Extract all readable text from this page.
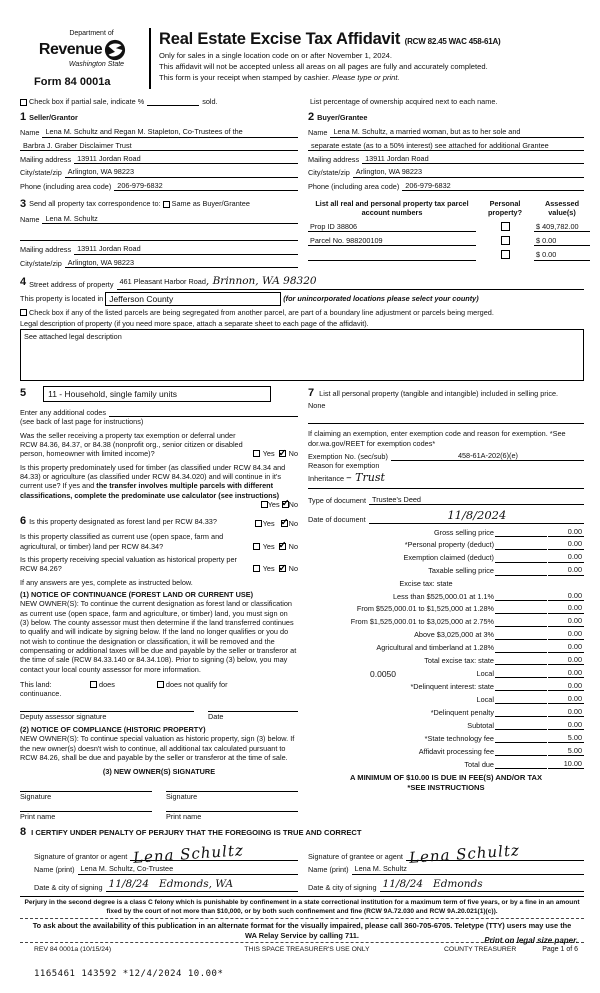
Department of
Revenue
Washington State
Form 84 0001a
Real Estate Excise Tax Affidavit (RCW 82.45 WAC 458-61A)
Only for sales in a single location code on or after November 1, 2024.
This affidavit will not be accepted unless all areas on all pages are fully and accurately completed.
This form is your receipt when stamped by cashier. Please type or print.

Check box if partial sale, indicate %	sold.	List percentage of ownership acquired next to each name.
1 Seller/Grantor
Name Lena M. Schultz and Regan M. Stapleton, Co-Trustees of the
Barbra J. Graber Disclaimer Trust
Mailing address 13911 Jordan Road
City/state/zip Arlington, WA 98223
Phone (including area code) 206-979-6832
2 Buyer/Grantee
Name Lena M. Schultz, a married woman, but as to her sole and
separate estate (as to a 50% interest) see attached for additional Grantee
Mailing address 13911 Jordan Road
City/state/zip Arlington, WA 98223
Phone (including area code) 206-979-6832
3 Send all property tax correspondence to:

Same as Buyer/Grantee
Name Lena M. Schultz
Mailing address 13911 Jordan Road
City/state/zip Arlington, WA 98223
List all real and personal property tax parcel account numbers
Personal property?
Assessed value(s)
Prop ID 38806	$ 409,782.00
Parcel No. 988200109	$ 0.00
$ 0.00
4 Street address of property 461 Pleasant Harbor Road, Brinnon, WA 98320
This property is located in
Jefferson County
	(for unincorporated locations please select your county)
Check box if any of the listed parcels are being segregated from another parcel, are part of a boundary line adjustment or parcels being merged.
Legal description of property (if you need more space, attach a separate sheet to each page of the affidavit).
See attached legal description
5	11 - Household, single family units
Enter any additional codes
(see back of last page for instructions)
Was the seller receiving a property tax exemption or deferral under RCW 84.36, 84.37, or 84.38 (nonprofit org., senior citizen or disabled person, homeowner with limited income)?	Yes ✓ No
Is this property predominately used for timber (as classified under RCW 84.34 and 84.33) or agriculture (as classified under RCW 84.34.020) and will continue in it's current use? If yes and the transfer involves multiple parcels with different classifications, complete the predominate use calculator (see instructions)
Yes ✓ No
6 Is this property designated as forest land per RCW 84.33?	Yes ✓ No
Is this property classified as current use (open space, farm and agricultural, or timber) land per RCW 84.34?	Yes ✓ No
Is this property receiving special valuation as historical property per RCW 84.26?	Yes ✓ No
If any answers are yes, complete as instructed below.
(1) NOTICE OF CONTINUANCE (FOREST LAND OR CURRENT USE)
NEW OWNER(S): To continue the current designation as forest land or classification as current use (open space, farm and agriculture, or timber) land, you must sign on (3) below. The county assessor must then determine if the land transferred continues to qualify and will indicate by signing below. If the land no longer qualifies or you do not wish to continue the designation or classification, it will be removed and the compensating or additional taxes will be due and payable by the seller or transferor at the time of sale (RCW 84.33.140 or 84.34.108). Prior to signing (3) below, you may contact your local county assessor for more information.
This land:	does	does not qualify for
continuance.
Deputy assessor signature	Date
(2) NOTICE OF COMPLIANCE (HISTORIC PROPERTY)
NEW OWNER(S): To continue special valuation as historic property, sign (3) below. If the new owner(s) doesn't wish to continue, all additional tax calculated pursuant to RCW 84.26, shall be due and payable by the seller or transferor at the time of sale.
(3) NEW OWNER(S) SIGNATURE
Signature	Signature
Print name	Print name
7 List all personal property (tangible and intangible) included in selling price.
None
If claiming an exemption, enter exemption code and reason for exemption. *See dor.wa.gov/REET for exemption codes*
Exemption No. (sec/sub)	458-61A-202(6)(e)
Reason for exemption
Inheritance – Trust
Type of document Trustee's Deed
Date of document	11/8/2024
Gross selling price	0.00
*Personal property (deduct)	0.00
Exemption claimed (deduct)	0.00
Taxable selling price	0.00
Excise tax: state
Less than $525,000.01 at 1.1%	0.00
From $525,000.01 to $1,525,000 at 1.28%	0.00
From $1,525,000.01 to $3,025,000 at 2.75%	0.00
Above $3,025,000 at 3%	0.00
Agricultural and timberland at 1.28%	0.00
Total excise tax: state	0.00
0.0050	Local	0.00
*Delinquent interest: state	0.00
Local	0.00
*Delinquent penalty	0.00
Subtotal	0.00
*State technology fee	5.00
Affidavit processing fee	5.00
Total due	10.00
A MINIMUM OF $10.00 IS DUE IN FEE(S) AND/OR TAX
*SEE INSTRUCTIONS
8 I CERTIFY UNDER PENALTY OF PERJURY THAT THE FOREGOING IS TRUE AND CORRECT
Signature of grantor or agent Lena Schultz
Name (print) Lena M. Schultz, Co-Trustee
Date & city of signing 11/8/24 Edmonds, WA
Signature of grantee or agent Lena Schultz
Name (print) Lena M. Schultz
Date & city of signing 11/8/24 Edmonds
Perjury in the second degree is a class C felony which is punishable by confinement in a state correctional institution for a maximum term of five years, or by a fine in an amount fixed by the court of not more than $10,000, or by both such confinement and fine (RCW 9A.72.030 and RCW 9A.20.021(1)(c)).
To ask about the availability of this publication in an alternate format for the visually impaired, please call 360-705-6705. Teletype (TTY) users may use the WA Relay Service by calling 711.
REV 84 0001a (10/15/24)	THIS SPACE TREASURER'S USE ONLY	COUNTY TREASURER
1165461 143592 *12/4/2024 10.00*
Print on legal size paper.
Page 1 of 6
